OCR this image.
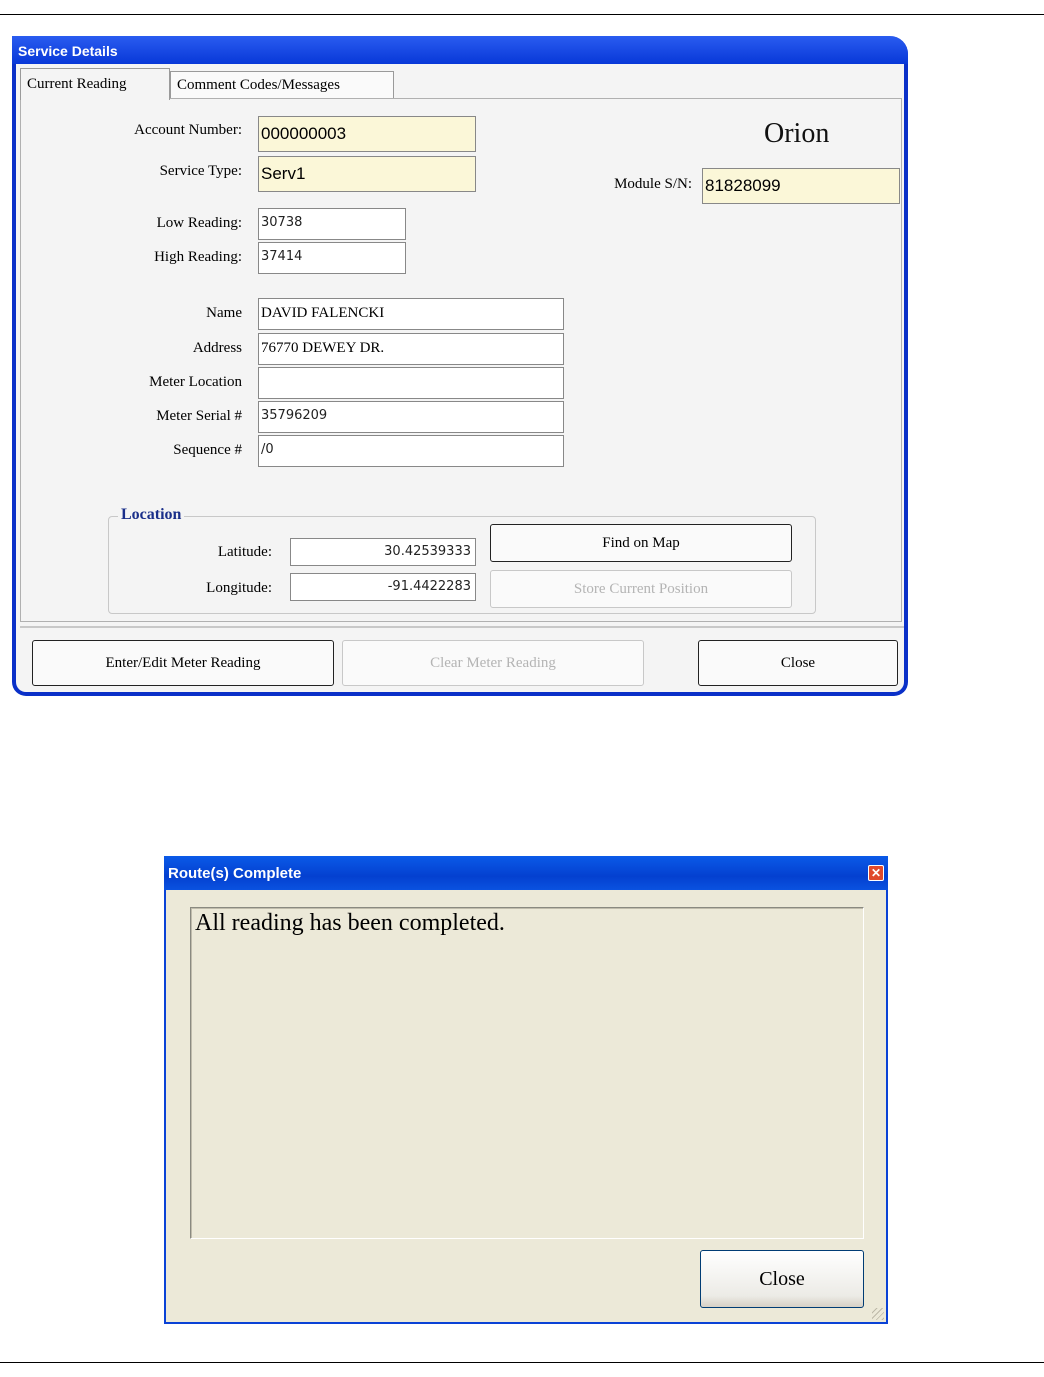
Service Details
Current Reading	Comment Codes/Messages
Orion
Account Number: 000000003
Service Type: Serv1
Module S/N: 81828099
Low Reading: 30738
High Reading: 37414
Name DAVID FALENCKI
Address 76770 DEWEY DR.
Meter Location
Meter Serial # 35796209
Sequence # /0
Location
Latitude:	30.42539333
Longitude:	-91.4422283
Find on Map
Store Current Position
Enter/Edit Meter Reading	Clear Meter Reading	Close
Route(s) Complete	✕
All reading has been completed.
Close
